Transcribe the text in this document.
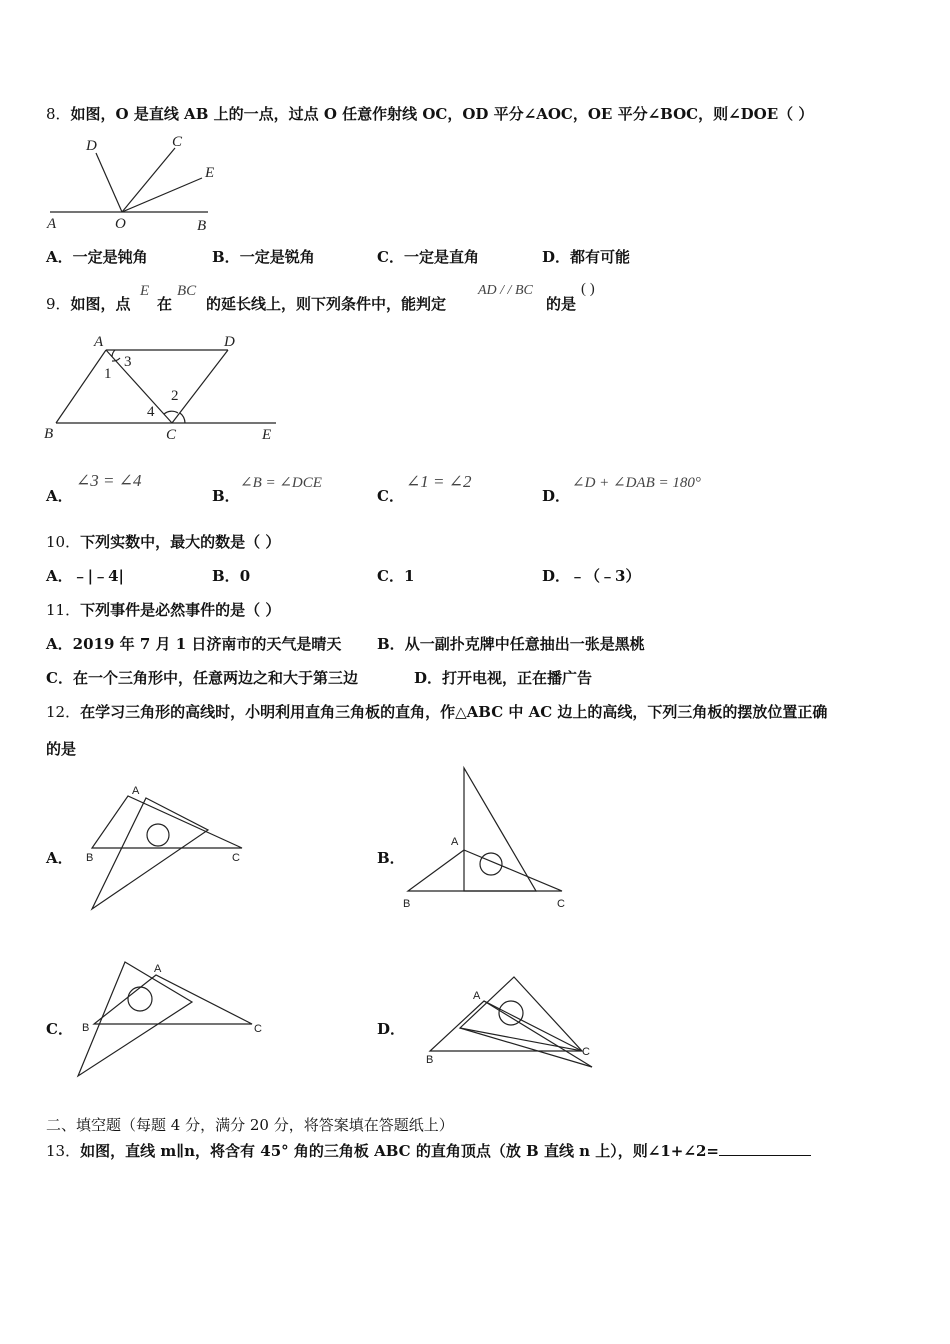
8．如图，O 是直线 AB 上的一点，过点 O 任意作射线 OC，OD 平分∠AOC，OE 平分∠BOC，则∠DOE（ ）
D	C
E
A	O	B
A．一定是钝角	B．一定是锐角	C．一定是直角	D．都有可能
9．如图，点
E
在
BC
的延长线上，则下列条件中，能判定
AD / / BC
的是
( )
A	D
B	C	E
1
3
2
4
A．
∠3 = ∠4
B．
∠B = ∠DCE
C．
∠1 = ∠2
D．
∠D + ∠DAB = 180°
10．下列实数中，最大的数是（ ）
A．﹣|﹣4|	B．0	C．1	D．﹣（﹣3）
11．下列事件是必然事件的是（ ）
A．2019 年 7 月 1 日济南市的天气是晴天 B．从一副扑克牌中任意抽出一张是黑桃
C．在一个三角形中，任意两边之和大于第三边	D．打开电视，正在播广告
12．在学习三角形的高线时，小明利用直角三角板的直角，作△ABC 中 AC 边上的高线，下列三角板的摆放位置正确
的是
A．
A
B	C	B．
A
B	C
C．
A
B	C	D．
A
B
C
二、填空题（每题 4 分，满分 20 分，将答案填在答题纸上）
13．如图，直线 m∥n，将含有 45° 角的三角板 ABC 的直角顶点（放 B 直线 n 上），则∠1+∠2=
